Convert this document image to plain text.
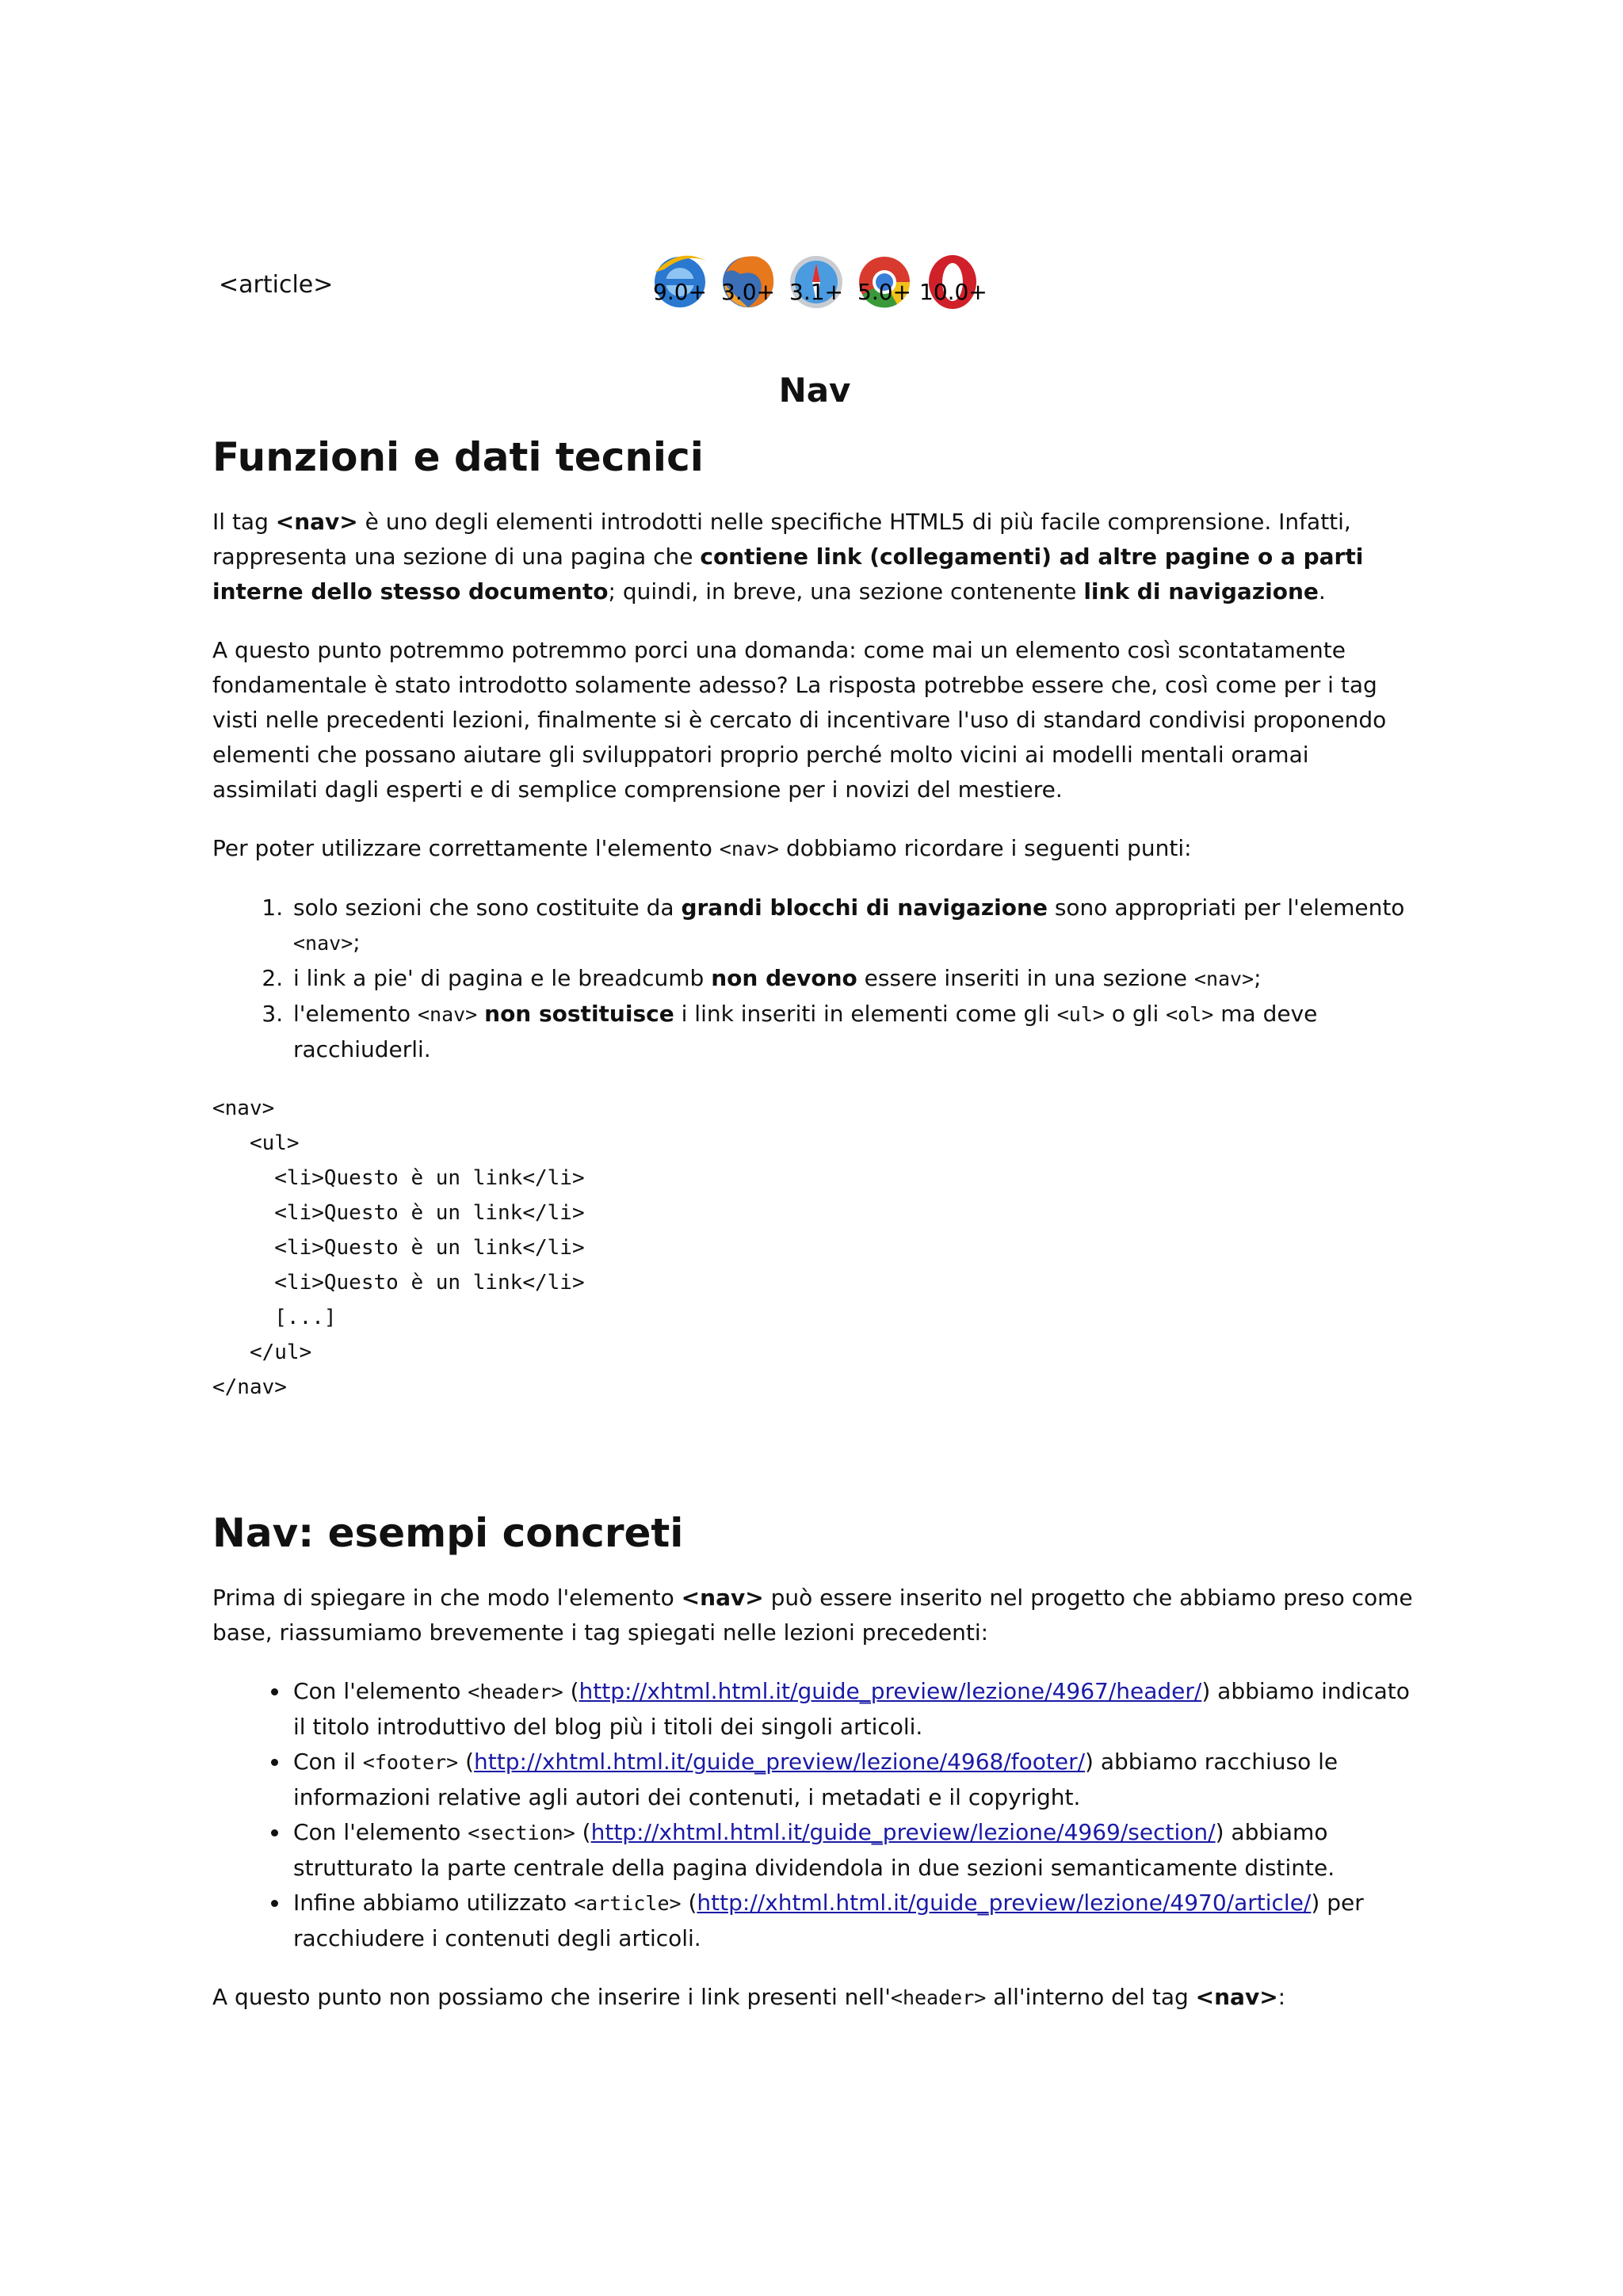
<article>	9.0+ 3.0+ 3.1+ 5.0+ 10.0+
Nav
Funzioni e dati tecnici

Il tag <nav> è uno degli elementi introdotti nelle specifiche HTML5 di più facile comprensione. Infatti, rappresenta una sezione di una pagina che contiene link (collegamenti) ad altre pagine o a parti interne dello stesso documento; quindi, in breve, una sezione contenente link di navigazione.

A questo punto potremmo potremmo porci una domanda: come mai un elemento così scontatamente fondamentale è stato introdotto solamente adesso? La risposta potrebbe essere che, così come per i tag visti nelle precedenti lezioni, finalmente si è cercato di incentivare l'uso di standard condivisi proponendo elementi che possano aiutare gli sviluppatori proprio perché molto vicini ai modelli mentali oramai assimilati dagli esperti e di semplice comprensione per i novizi del mestiere.

Per poter utilizzare correttamente l'elemento <nav> dobbiamo ricordare i seguenti punti:

1. solo sezioni che sono costituite da grandi blocchi di navigazione sono appropriati per l'elemento <nav>;
2. i link a pie' di pagina e le breadcumb non devono essere inseriti in una sezione <nav>;
3. l'elemento <nav> non sostituisce i link inseriti in elementi come gli <ul> o gli <ol> ma deve racchiuderli.
<nav>
<ul>
<li>Questo è un link</li>
<li>Questo è un link</li>
<li>Questo è un link</li>
<li>Questo è un link</li>
[...]
</ul>
</nav>
Nav: esempi concreti

Prima di spiegare in che modo l'elemento <nav> può essere inserito nel progetto che abbiamo preso come base, riassumiamo brevemente i tag spiegati nelle lezioni precedenti:

• Con l'elemento <header> (http://xhtml.html.it/guide_preview/lezione/4967/header/) abbiamo indicato il titolo introduttivo del blog più i titoli dei singoli articoli.
• Con il <footer> (http://xhtml.html.it/guide_preview/lezione/4968/footer/) abbiamo racchiuso le informazioni relative agli autori dei contenuti, i metadati e il copyright.
• Con l'elemento <section> (http://xhtml.html.it/guide_preview/lezione/4969/section/) abbiamo strutturato la parte centrale della pagina dividendola in due sezioni semanticamente distinte.
• Infine abbiamo utilizzato <article> (http://xhtml.html.it/guide_preview/lezione/4970/article/) per racchiudere i contenuti degli articoli.

A questo punto non possiamo che inserire i link presenti nell'<header> all'interno del tag <nav>:
